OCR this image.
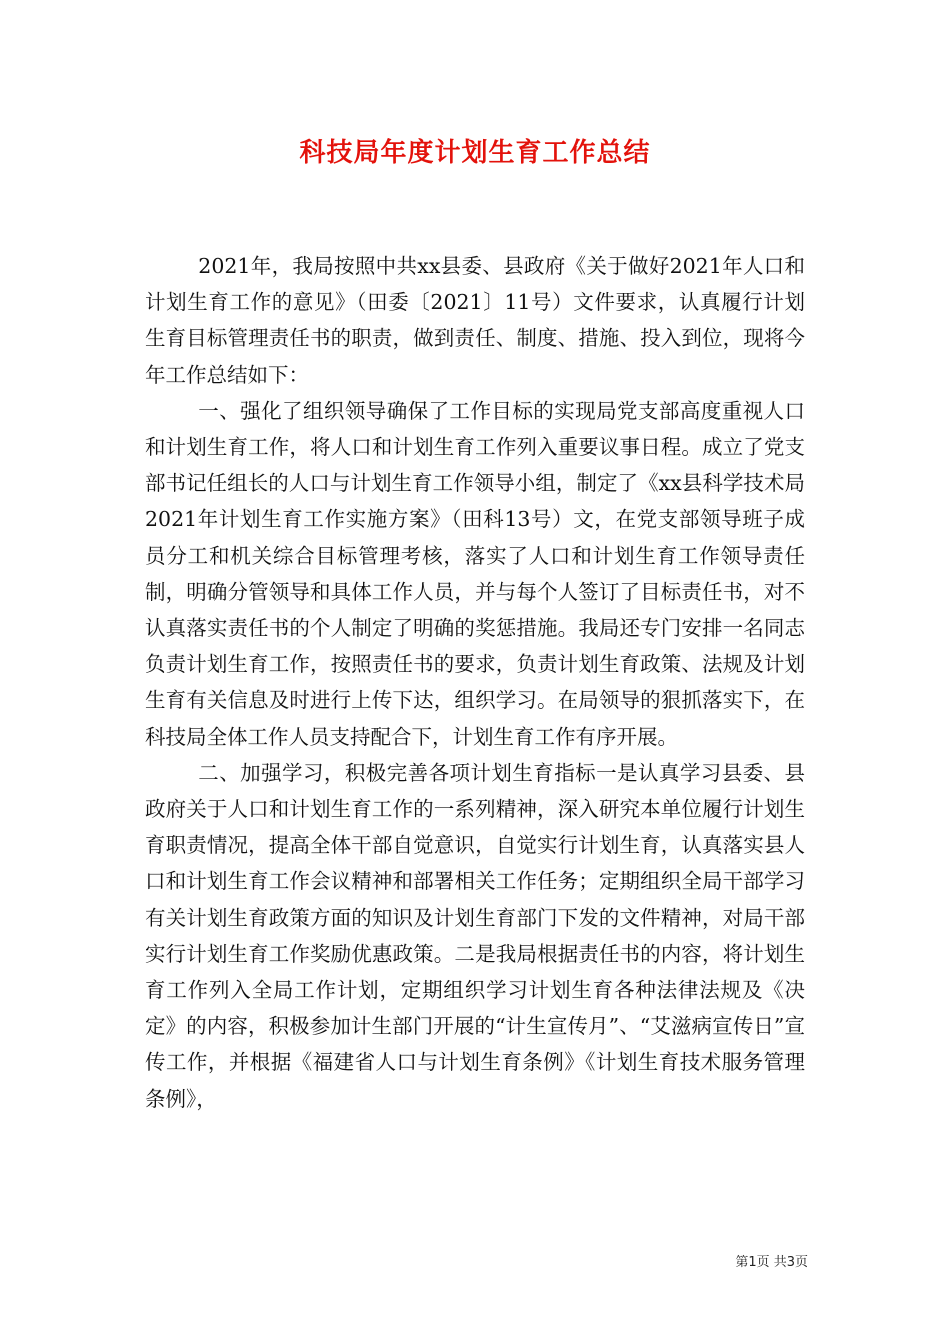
科技局年度计划生育工作总结

2021年，我局按照中共xx县委、县政府《关于做好2021年人口和计划生育工作的意见》（田委〔2021〕11号）文件要求，认真履行计划生育目标管理责任书的职责，做到责任、制度、措施、投入到位，现将今年工作总结如下：

一、强化了组织领导确保了工作目标的实现局党支部高度重视人口和计划生育工作，将人口和计划生育工作列入重要议事日程。成立了党支部书记任组长的人口与计划生育工作领导小组，制定了《xx县科学技术局2021年计划生育工作实施方案》（田科13号）文，在党支部领导班子成员分工和机关综合目标管理考核，落实了人口和计划生育工作领导责任制，明确分管领导和具体工作人员，并与每个人签订了目标责任书，对不认真落实责任书的个人制定了明确的奖惩措施。我局还专门安排一名同志负责计划生育工作，按照责任书的要求，负责计划生育政策、法规及计划生育有关信息及时进行上传下达，组织学习。在局领导的狠抓落实下，在科技局全体工作人员支持配合下，计划生育工作有序开展。

二、加强学习，积极完善各项计划生育指标一是认真学习县委、县政府关于人口和计划生育工作的一系列精神，深入研究本单位履行计划生育职责情况，提高全体干部自觉意识，自觉实行计划生育，认真落实县人口和计划生育工作会议精神和部署相关工作任务；定期组织全局干部学习有关计划生育政策方面的知识及计划生育部门下发的文件精神，对局干部实行计划生育工作奖励优惠政策。二是我局根据责任书的内容，将计划生育工作列入全局工作计划，定期组织学习计划生育各种法律法规及《决定》的内容，积极参加计生部门开展的“计生宣传月”、“艾滋病宣传日”宣传工作，并根据《福建省人口与计划生育条例》《计划生育技术服务管理条例》，

第1页 共3页
